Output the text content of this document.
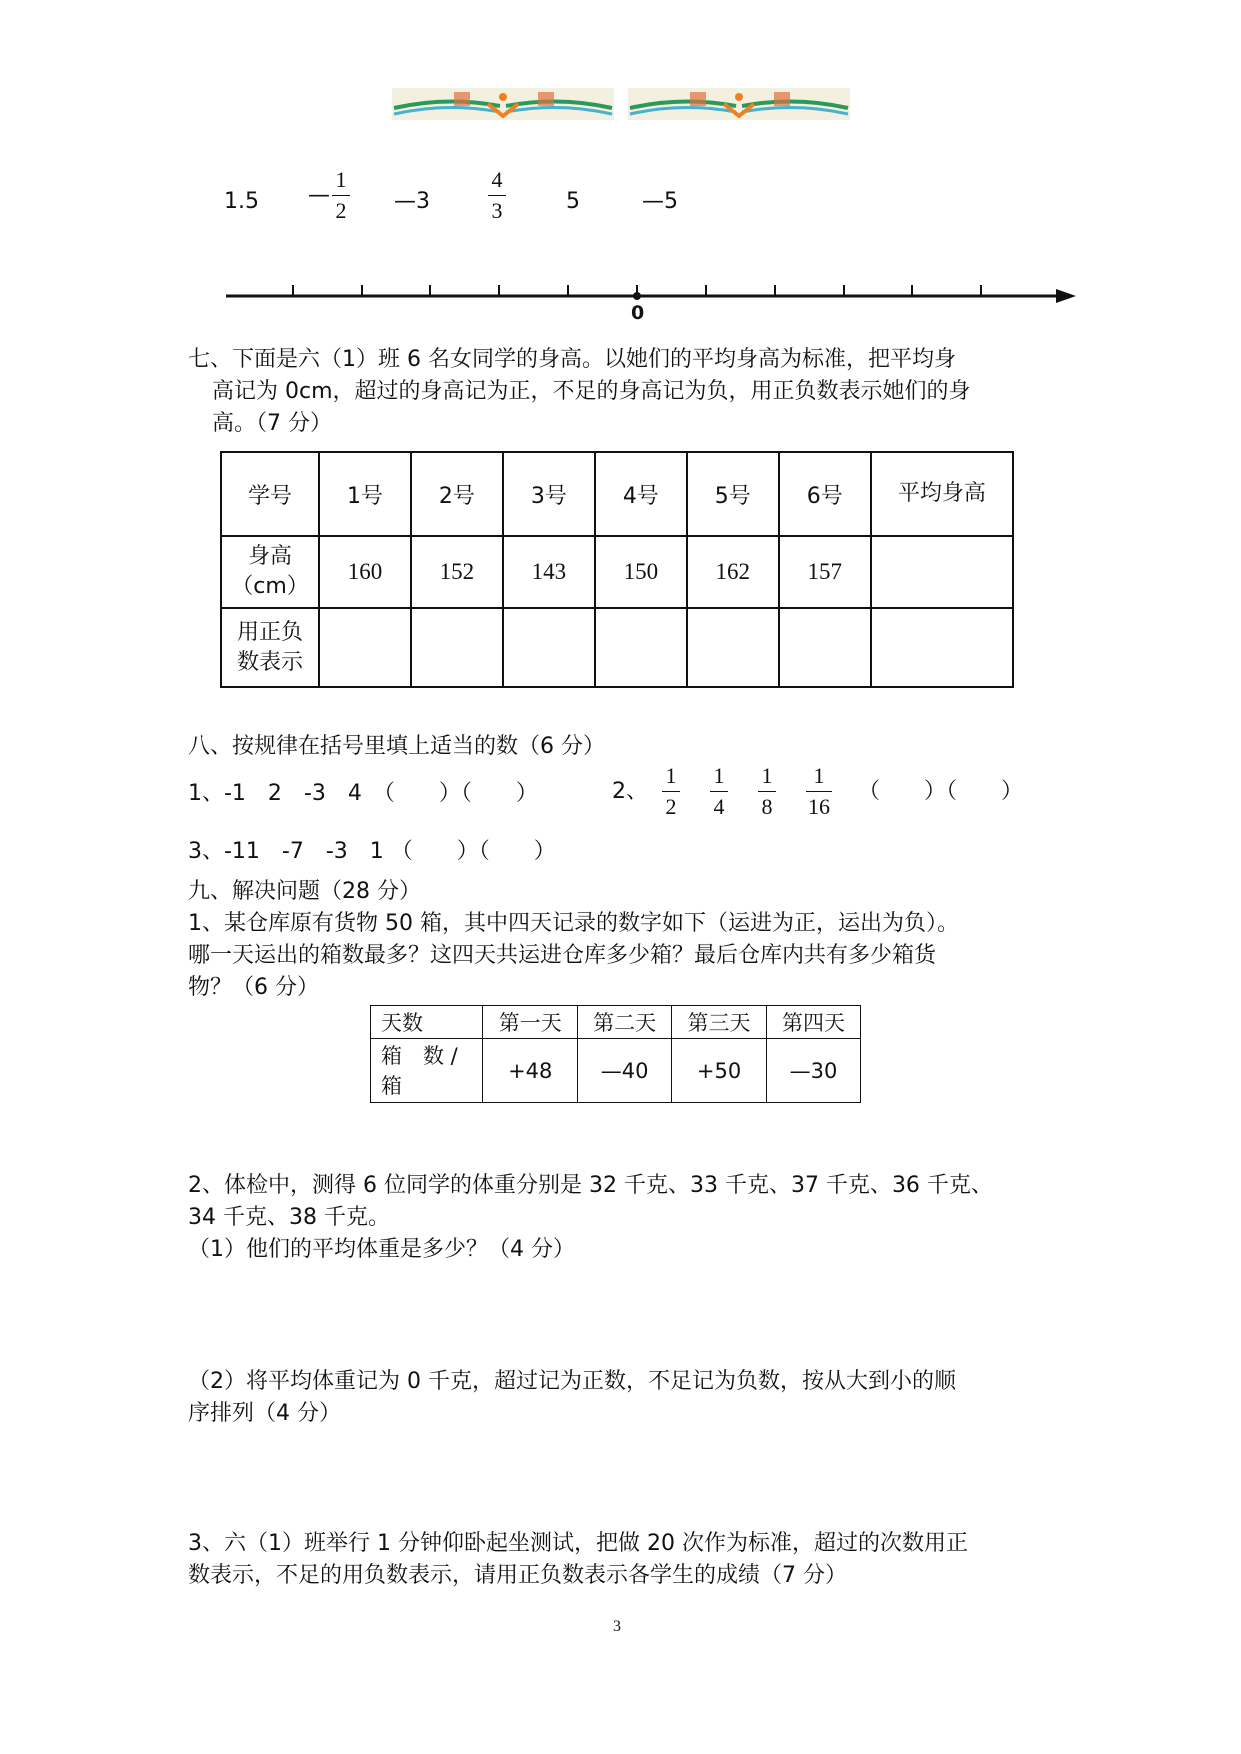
1.5 — $\frac{1}{2}$ —3	$\frac{4}{3}$	5	—5
0
七、下面是六（1）班 6 名女同学的身高。以她们的平均身高为标准，把平均身
高记为 0cm，超过的身高记为正，不足的身高记为负，用正负数表示她们的身
高。（7 分）
学号	1号	2号	3号	4号	5号	6号	平均身高

身高
（cm）	160	152	143	150	162	157	

用正负
数表示							

八、按规律在括号里填上适当的数（6 分）
1、-1　2　-3　4　（　　）（　　）	2、 $\frac{1}{2} \frac{1}{4} \frac{1}{8} \frac{1}{16}$ （　　）（　　）
3、-11　-7　-3　1 （　　）（　　）
九、解决问题（28 分）
1、某仓库原有货物 50 箱，其中四天记录的数字如下（运进为正，运出为负）。
哪一天运出的箱数最多？这四天共运进仓库多少箱？最后仓库内共有多少箱货
物？（6 分）
天数	第一天	第二天	第三天	第四天

箱　数 /
箱	+48	—40	+50	—30
2、体检中，测得 6 位同学的体重分别是 32 千克、33 千克、37 千克、36 千克、
34 千克、38 千克。
（1）他们的平均体重是多少？（4 分）
（2）将平均体重记为 0 千克，超过记为正数，不足记为负数，按从大到小的顺
序排列（4 分）
3、六（1）班举行 1 分钟仰卧起坐测试，把做 20 次作为标准，超过的次数用正
数表示，不足的用负数表示，请用正负数表示各学生的成绩（7 分）
3
